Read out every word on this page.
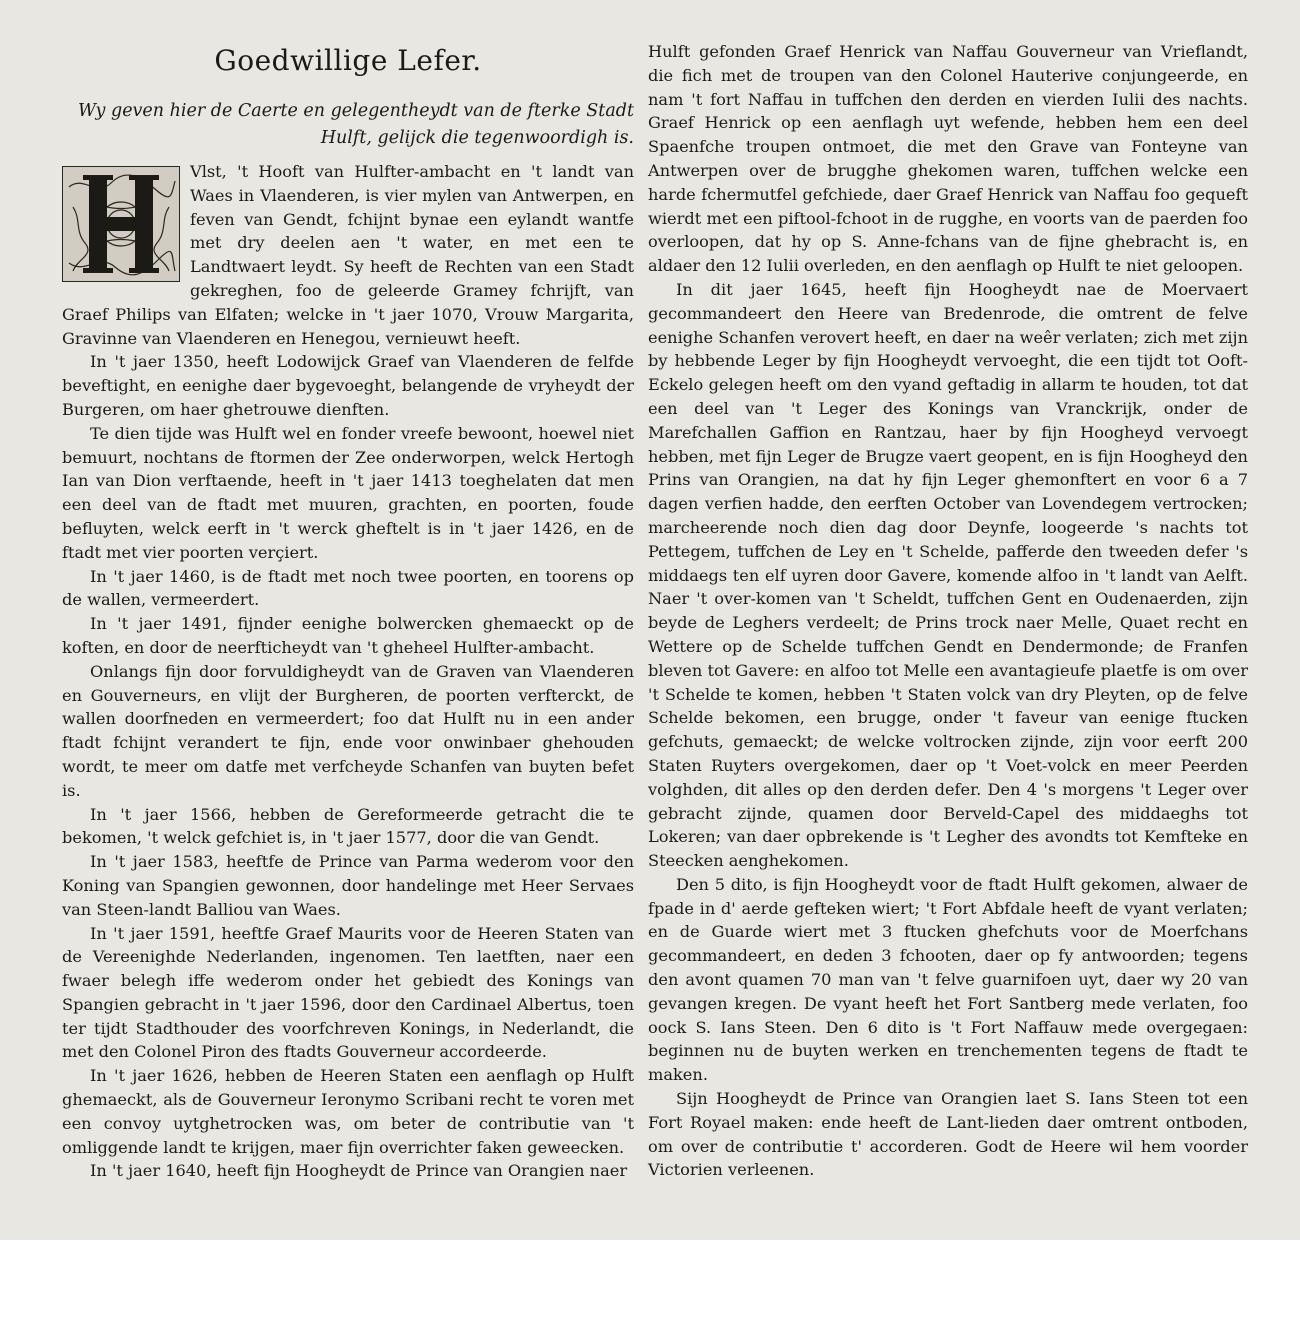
Goedwillige Lefer.
Wy geven hier de Caerte en gelegentheydt van de fterke Stadt
Hulft, gelijck die tegenwoordigh is.

Vlst, 't Hooft van Hulfter-ambacht en 't landt van Waes in Vlaenderen, is vier mylen van Antwerpen, en feven van Gendt, fchijnt bynae een eylandt wantfe met dry deelen aen 't water, en met een te Landtwaert leydt. Sy heeft de Rechten van een Stadt gekreghen, foo de geleerde Gramey fchrijft, van Graef Philips van Elfaten; welcke in 't jaer 1070, Vrouw Margarita, Gravinne van Vlaenderen en Henegou, vernieuwt heeft.

In 't jaer 1350, heeft Lodowijck Graef van Vlaenderen de felfde beveftight, en eenighe daer bygevoeght, belangende de vryheydt der Burgeren, om haer ghetrouwe dienften.

Te dien tijde was Hulft wel en fonder vreefe bewoont, hoewel niet bemuurt, nochtans de ftormen der Zee onderworpen, welck Hertogh Ian van Dion verftaende, heeft in 't jaer 1413 toeghelaten dat men een deel van de ftadt met muuren, grachten, en poorten, foude befluyten, welck eerft in 't werck gheftelt is in 't jaer 1426, en de ftadt met vier poorten verçiert.

In 't jaer 1460, is de ftadt met noch twee poorten, en toorens op de wallen, vermeerdert.

In 't jaer 1491, fijnder eenighe bolwercken ghemaeckt op de koften, en door de neerfticheydt van 't gheheel Hulfter-ambacht.

Onlangs fijn door forvuldigheydt van de Graven van Vlaenderen en Gouverneurs, en vlijt der Burgheren, de poorten verfterckt, de wallen doorfneden en vermeerdert; foo dat Hulft nu in een ander ftadt fchijnt verandert te fijn, ende voor onwinbaer ghehouden wordt, te meer om datfe met verfcheyde Schanfen van buyten befet is.

In 't jaer 1566, hebben de Gereformeerde getracht die te bekomen, 't welck gefchiet is, in 't jaer 1577, door die van Gendt.

In 't jaer 1583, heeftfe de Prince van Parma wederom voor den Koning van Spangien gewonnen, door handelinge met Heer Servaes van Steen-landt Balliou van Waes.

In 't jaer 1591, heeftfe Graef Maurits voor de Heeren Staten van de Vereenighde Nederlanden, ingenomen. Ten laetften, naer een fwaer belegh iffe wederom onder het gebiedt des Konings van Spangien gebracht in 't jaer 1596, door den Cardinael Albertus, toen ter tijdt Stadthouder des voorfchreven Konings, in Nederlandt, die met den Colonel Piron des ftadts Gouverneur accordeerde.

In 't jaer 1626, hebben de Heeren Staten een aenflagh op Hulft ghemaeckt, als de Gouverneur Ieronymo Scribani recht te voren met een convoy uytghetrocken was, om beter de contributie van 't omliggende landt te krijgen, maer fijn overrichter faken geweecken.

In 't jaer 1640, heeft fijn Hoogheydt de Prince van Orangien naer

Hulft gefonden Graef Henrick van Naffau Gouverneur van Vrieflandt, die fich met de troupen van den Colonel Hauterive conjungeerde, en nam 't fort Naffau in tuffchen den derden en vierden Iulii des nachts. Graef Henrick op een aenflagh uyt wefende, hebben hem een deel Spaenfche troupen ontmoet, die met den Grave van Fonteyne van Antwerpen over de brugghe ghekomen waren, tuffchen welcke een harde fchermutfel gefchiede, daer Graef Henrick van Naffau foo gequeft wierdt met een piftool-fchoot in de rugghe, en voorts van de paerden foo overloopen, dat hy op S. Anne-fchans van de fijne ghebracht is, en aldaer den 12 Iulii overleden, en den aenflagh op Hulft te niet geloopen.

In dit jaer 1645, heeft fijn Hoogheydt nae de Moervaert gecommandeert den Heere van Bredenrode, die omtrent de felve eenighe Schanfen verovert heeft, en daer na weêr verlaten; zich met zijn by hebbende Leger by fijn Hoogheydt vervoeght, die een tijdt tot Ooft-Eckelo gelegen heeft om den vyand geftadig in allarm te houden, tot dat een deel van 't Leger des Konings van Vranckrijk, onder de Marefchallen Gaffion en Rantzau, haer by fijn Hoogheyd vervoegt hebben, met fijn Leger de Brugze vaert geopent, en is fijn Hoogheyd den Prins van Orangien, na dat hy fijn Leger ghemonftert en voor 6 a 7 dagen verfien hadde, den eerften October van Lovendegem vertrocken; marcheerende noch dien dag door Deynfe, loogeerde 's nachts tot Pettegem, tuffchen de Ley en 't Schelde, pafferde den tweeden defer 's middaegs ten elf uyren door Gavere, komende alfoo in 't landt van Aelft. Naer 't over-komen van 't Scheldt, tuffchen Gent en Oudenaerden, zijn beyde de Leghers verdeelt; de Prins trock naer Melle, Quaet recht en Wettere op de Schelde tuffchen Gendt en Dendermonde; de Franfen bleven tot Gavere: en alfoo tot Melle een avantagieufe plaetfe is om over 't Schelde te komen, hebben 't Staten volck van dry Pleyten, op de felve Schelde bekomen, een brugge, onder 't faveur van eenige ftucken gefchuts, gemaeckt; de welcke voltrocken zijnde, zijn voor eerft 200 Staten Ruyters overgekomen, daer op 't Voet-volck en meer Peerden volghden, dit alles op den derden defer. Den 4 's morgens 't Leger over gebracht zijnde, quamen door Berveld-Capel des middaeghs tot Lokeren; van daer opbrekende is 't Legher des avondts tot Kemfteke en Steecken aenghekomen.

Den 5 dito, is fijn Hoogheydt voor de ftadt Hulft gekomen, alwaer de fpade in d' aerde gefteken wiert; 't Fort Abfdale heeft de vyant verlaten; en de Guarde wiert met 3 ftucken ghefchuts voor de Moerfchans gecommandeert, en deden 3 fchooten, daer op fy antwoorden; tegens den avont quamen 70 man van 't felve guarnifoen uyt, daer wy 20 van gevangen kregen. De vyant heeft het Fort Santberg mede verlaten, foo oock S. Ians Steen. Den 6 dito is 't Fort Naffauw mede overgegaen: beginnen nu de buyten werken en trenchementen tegens de ftadt te maken.

Sijn Hoogheydt de Prince van Orangien laet S. Ians Steen tot een Fort Royael maken: ende heeft de Lant-lieden daer omtrent ontboden, om over de contributie t' accorderen. Godt de Heere wil hem voorder Victorien verleenen.
